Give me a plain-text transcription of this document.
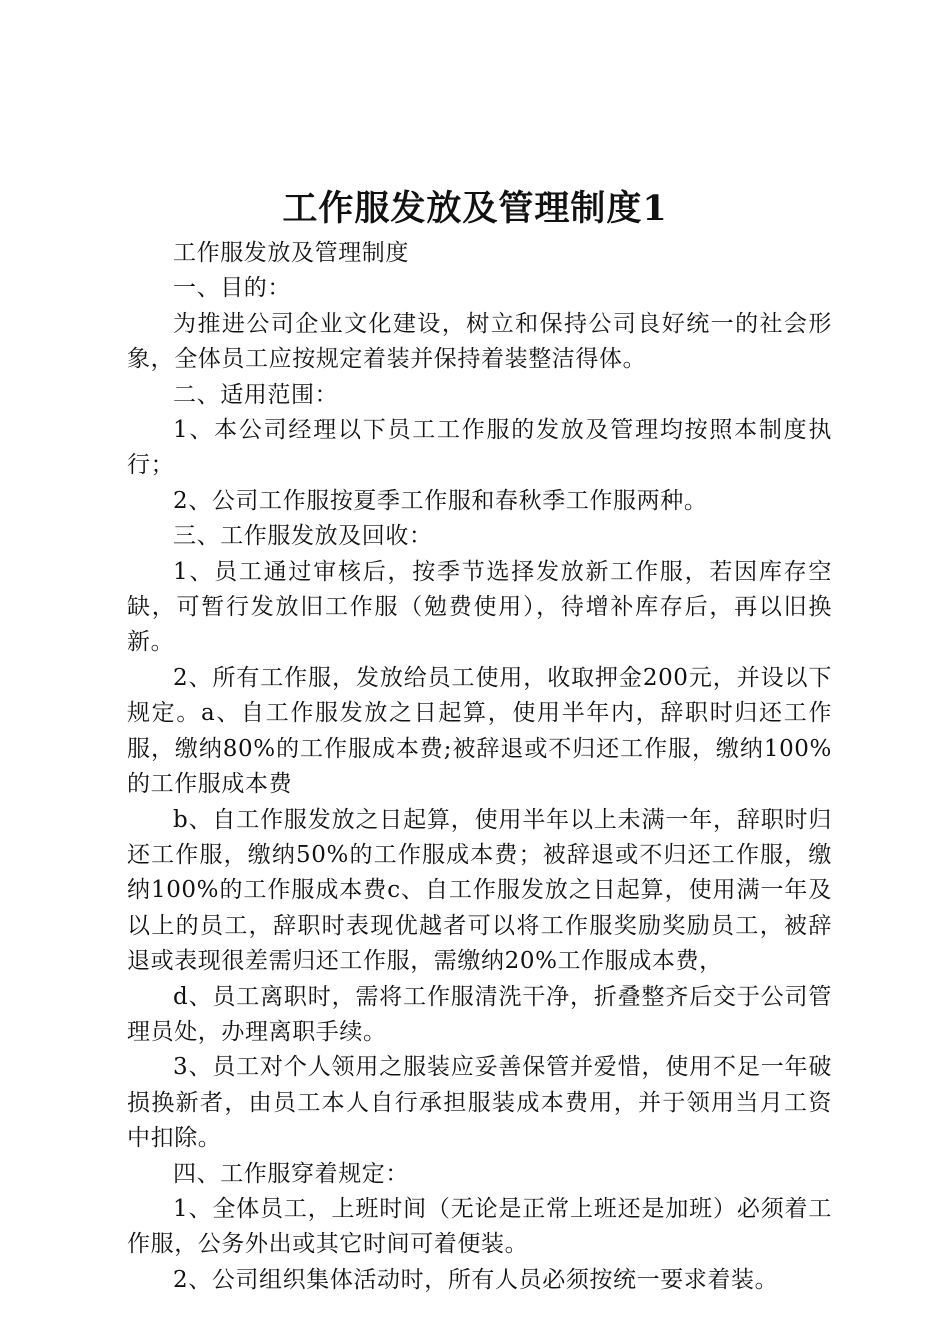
工作服发放及管理制度1

工作服发放及管理制度

一、目的：

为推进公司企业文化建设，树立和保持公司良好统一的社会形象，全体员工应按规定着装并保持着装整洁得体。

二、适用范围：

1、本公司经理以下员工工作服的发放及管理均按照本制度执行；

2、公司工作服按夏季工作服和春秋季工作服两种。

三、工作服发放及回收：

1、员工通过审核后，按季节选择发放新工作服，若因库存空缺，可暂行发放旧工作服（勉费使用），待增补库存后，再以旧换新。

2、所有工作服，发放给员工使用，收取押金200元，并设以下规定。a、自工作服发放之日起算，使用半年内，辞职时归还工作服，缴纳80%的工作服成本费;被辞退或不归还工作服，缴纳100%的工作服成本费

b、自工作服发放之日起算，使用半年以上未满一年，辞职时归还工作服，缴纳50%的工作服成本费；被辞退或不归还工作服，缴纳100%的工作服成本费c、自工作服发放之日起算，使用满一年及以上的员工，辞职时表现优越者可以将工作服奖励奖励员工，被辞退或表现很差需归还工作服，需缴纳20%工作服成本费，

d、员工离职时，需将工作服清洗干净，折叠整齐后交于公司管理员处，办理离职手续。

3、员工对个人领用之服装应妥善保管并爱惜，使用不足一年破损换新者，由员工本人自行承担服装成本费用，并于领用当月工资中扣除。

四、工作服穿着规定：

1、全体员工，上班时间（无论是正常上班还是加班）必须着工作服，公务外出或其它时间可着便装。

2、公司组织集体活动时，所有人员必须按统一要求着装。
